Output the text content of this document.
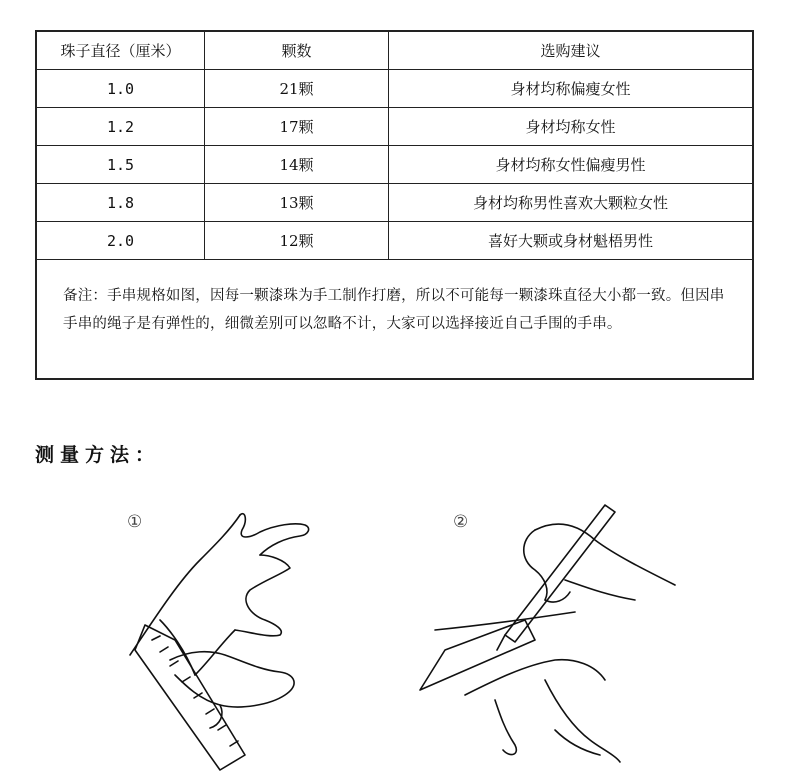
珠子直径（厘米）	颗数	选购建议
1.0	21颗	身材均称偏瘦女性
1.2	17颗	身材均称女性
1.5	14颗	身材均称女性偏瘦男性
1.8	13颗	身材均称男性喜欢大颗粒女性
2.0	12颗	喜好大颗或身材魁梧男性
备注：手串规格如图，因每一颗漆珠为手工制作打磨，所以不可能每一颗漆珠直径大小都一致。但因串手串的绳子是有弹性的，细微差别可以忽略不计，大家可以选择接近自己手围的手串。
测量方法：
①	②
